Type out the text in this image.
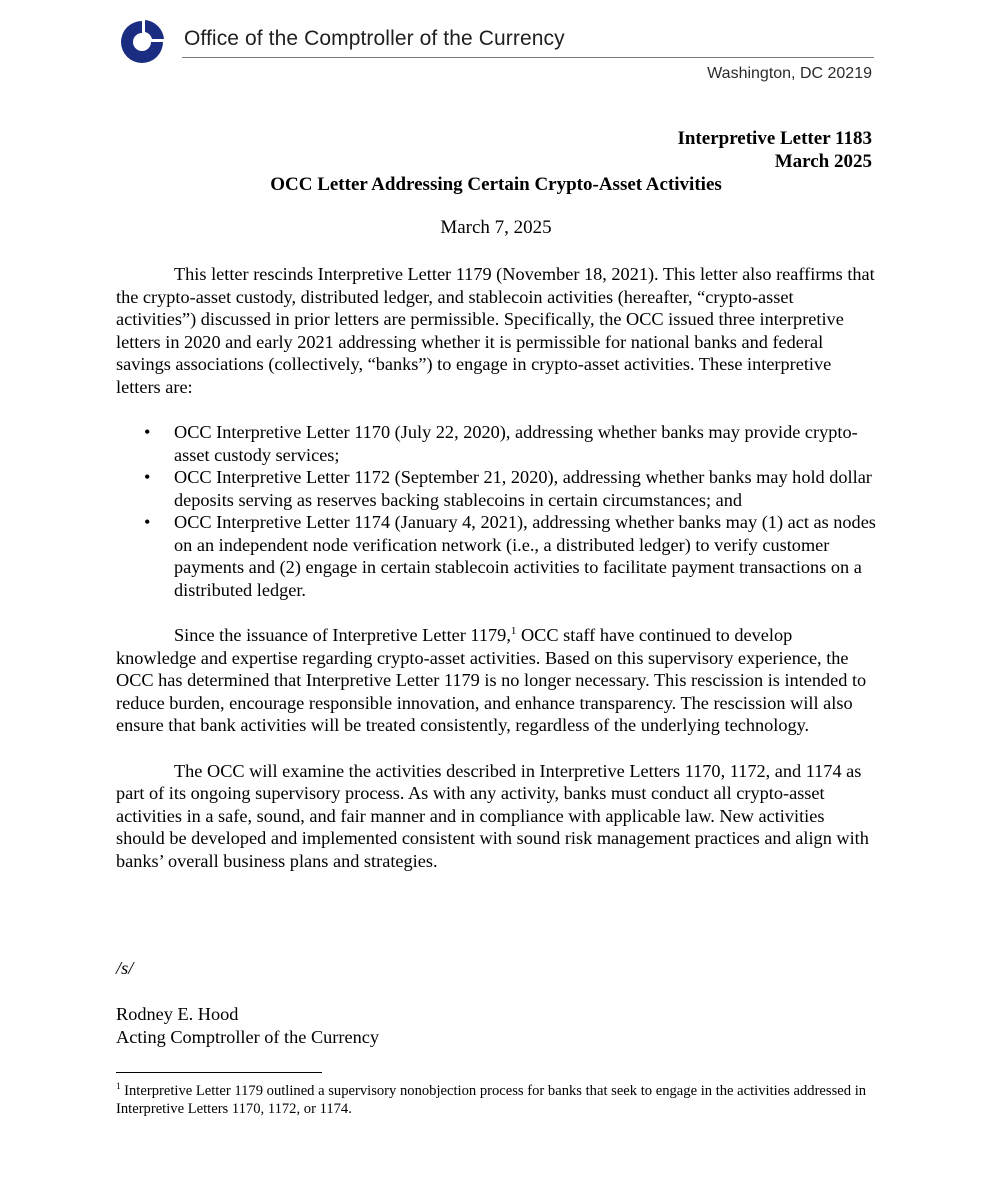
Office of the Comptroller of the Currency
Washington, DC 20219
Interpretive Letter 1183
March 2025
OCC Letter Addressing Certain Crypto-Asset Activities
March 7, 2025

This letter rescinds Interpretive Letter 1179 (November 18, 2021). This letter also reaffirms that the crypto-asset custody, distributed ledger, and stablecoin activities (hereafter, “crypto-asset activities”) discussed in prior letters are permissible. Specifically, the OCC issued three interpretive letters in 2020 and early 2021 addressing whether it is permissible for national banks and federal savings associations (collectively, “banks”) to engage in crypto-asset activities. These interpretive letters are:

• OCC Interpretive Letter 1170 (July 22, 2020), addressing whether banks may provide crypto-asset custody services;
• OCC Interpretive Letter 1172 (September 21, 2020), addressing whether banks may hold dollar deposits serving as reserves backing stablecoins in certain circumstances; and
• OCC Interpretive Letter 1174 (January 4, 2021), addressing whether banks may (1) act as nodes on an independent node verification network (i.e., a distributed ledger) to verify customer payments and (2) engage in certain stablecoin activities to facilitate payment transactions on a distributed ledger.

Since the issuance of Interpretive Letter 1179,$^1$ OCC staff have continued to develop knowledge and expertise regarding crypto-asset activities. Based on this supervisory experience, the OCC has determined that Interpretive Letter 1179 is no longer necessary. This rescission is intended to reduce burden, encourage responsible innovation, and enhance transparency. The rescission will also ensure that bank activities will be treated consistently, regardless of the underlying technology.

The OCC will examine the activities described in Interpretive Letters 1170, 1172, and 1174 as part of its ongoing supervisory process. As with any activity, banks must conduct all crypto-asset activities in a safe, sound, and fair manner and in compliance with applicable law. New activities should be developed and implemented consistent with sound risk management practices and align with banks’ overall business plans and strategies.

/s/
Rodney E. Hood
Acting Comptroller of the Currency
$^1$ Interpretive Letter 1179 outlined a supervisory nonobjection process for banks that seek to engage in the activities addressed in Interpretive Letters 1170, 1172, or 1174.
